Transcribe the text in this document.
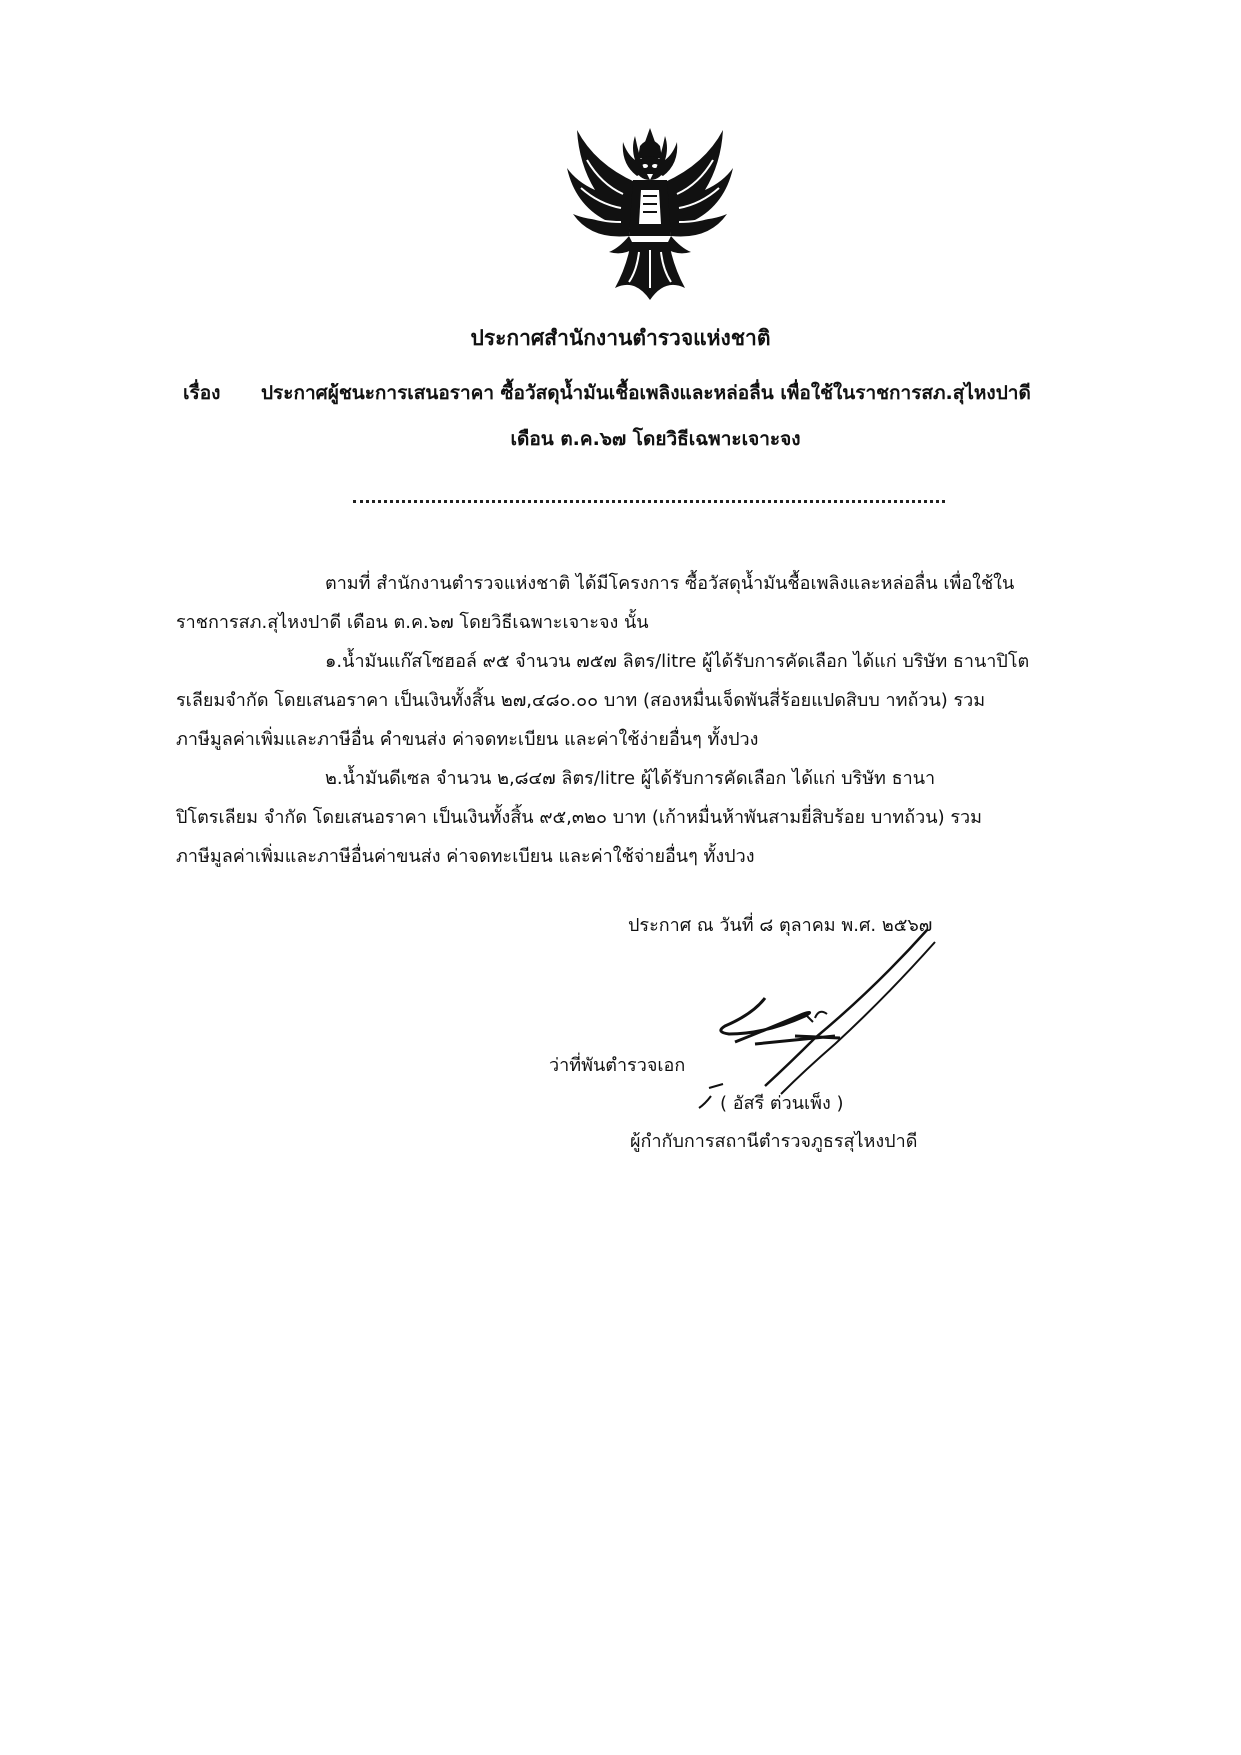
ประกาศสำนักงานตำรวจแห่งชาติ
เรื่อง ประกาศผู้ชนะการเสนอราคา ซื้อวัสดุน้ำมันเชื้อเพลิงและหล่อลื่น เพื่อใช้ในราชการสภ.สุไหงปาดี
เดือน ต.ค.๖๗ โดยวิธีเฉพาะเจาะจง
ตามที่ สำนักงานตำรวจแห่งชาติ ได้มีโครงการ ซื้อวัสดุน้ำมันชื้อเพลิงและหล่อลื่น เพื่อใช้ใน
ราชการสภ.สุไหงปาดี เดือน ต.ค.๖๗ โดยวิธีเฉพาะเจาะจง นั้น
๑.น้ำมันแก๊สโซฮอล์ ๙๕ จำนวน ๗๕๗ ลิตร/litre ผู้ได้รับการคัดเลือก ได้แก่ บริษัท ธานาปิโต
รเลียมจำกัด โดยเสนอราคา เป็นเงินทั้งสิ้น ๒๗,๔๘๐.๐๐ บาท (สองหมื่นเจ็ดพันสี่ร้อยแปดสิบบ าทถ้วน) รวม
ภาษีมูลค่าเพิ่มและภาษีอื่น คำขนส่ง ค่าจดทะเบียน และค่าใช้ง่ายอื่นๆ ทั้งปวง
๒.น้ำมันดีเซล จำนวน ๒,๘๔๗ ลิตร/litre ผู้ได้รับการคัดเลือก ได้แก่ บริษัท ธานา
ปิโตรเลียม จำกัด โดยเสนอราคา เป็นเงินทั้งสิ้น ๙๕,๓๒๐ บาท (เก้าหมื่นห้าพันสามยี่สิบร้อย บาทถ้วน) รวม
ภาษีมูลค่าเพิ่มและภาษีอื่นค่าขนส่ง ค่าจดทะเบียน และค่าใช้จ่ายอื่นๆ ทั้งปวง
ประกาศ ณ วันที่ ๘ ตุลาคม พ.ศ. ๒๕๖๗
ว่าที่พันตำรวจเอก
( อัสรี ต่วนเพ็ง )
ผู้กำกับการสถานีตำรวจภูธรสุไหงปาดี
